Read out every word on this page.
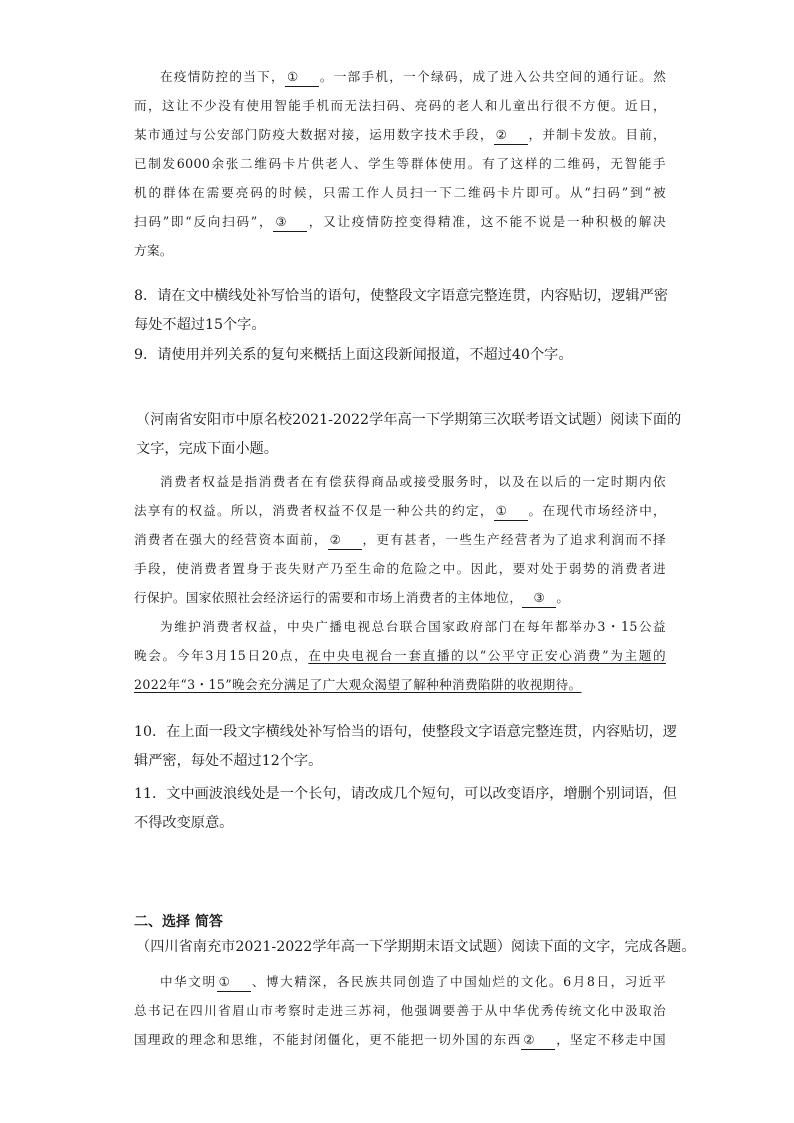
在疫情防控的当下， ① 。一部手机，一个绿码，成了进入公共空间的通行证。然
而，这让不少没有使用智能手机而无法扫码、亮码的老人和儿童出行很不方便。近日，
某市通过与公安部门防疫大数据对接，运用数字技术手段， ② ，并制卡发放。目前，
已制发6000余张二维码卡片供老人、学生等群体使用。有了这样的二维码，无智能手
机的群体在需要亮码的时候，只需工作人员扫一下二维码卡片即可。从“扫码”到“被
扫码”即“反向扫码”， ③ ，又让疫情防控变得精准，这不能不说是一种积极的解决
方案。
8．请在文中横线处补写恰当的语句，使整段文字语意完整连贯，内容贴切，逻辑严密
每处不超过15个字。
9．请使用并列关系的复句来概括上面这段新闻报道，不超过40个字。
（河南省安阳市中原名校2021-2022学年高一下学期第三次联考语文试题）阅读下面的
文字，完成下面小题。
消费者权益是指消费者在有偿获得商品或接受服务时，以及在以后的一定时期内依
法享有的权益。所以，消费者权益不仅是一种公共的约定， ① 。在现代市场经济中，
消费者在强大的经营资本面前， ② ，更有甚者，一些生产经营者为了追求利润而不择
手段，使消费者置身于丧失财产乃至生命的危险之中。因此，要对处于弱势的消费者进
行保护。国家依照社会经济运行的需要和市场上消费者的主体地位， ③ 。
为维护消费者权益，中央广播电视总台联合国家政府部门在每年都举办3・15公益
晚会。今年3月15日20点，在中央电视台一套直播的以“公平守正安心消费”为主题的
2022年“3・15”晚会充分满足了广大观众渴望了解种种消费陷阱的收视期待。
10．在上面一段文字横线处补写恰当的语句，使整段文字语意完整连贯，内容贴切，逻
辑严密，每处不超过12个字。
11．文中画波浪线处是一个长句，请改成几个短句，可以改变语序，增删个别词语，但
不得改变原意。
二、选择 简答
（四川省南充市2021-2022学年高一下学期期末语文试题）阅读下面的文字，完成各题。
中华文明 ① 、博大精深，各民族共同创造了中国灿烂的文化。6月8日，习近平
总书记在四川省眉山市考察时走进三苏祠，他强调要善于从中华优秀传统文化中汲取治
国理政的理念和思维，不能封闭僵化，更不能把一切外国的东西 ② ，坚定不移走中国
